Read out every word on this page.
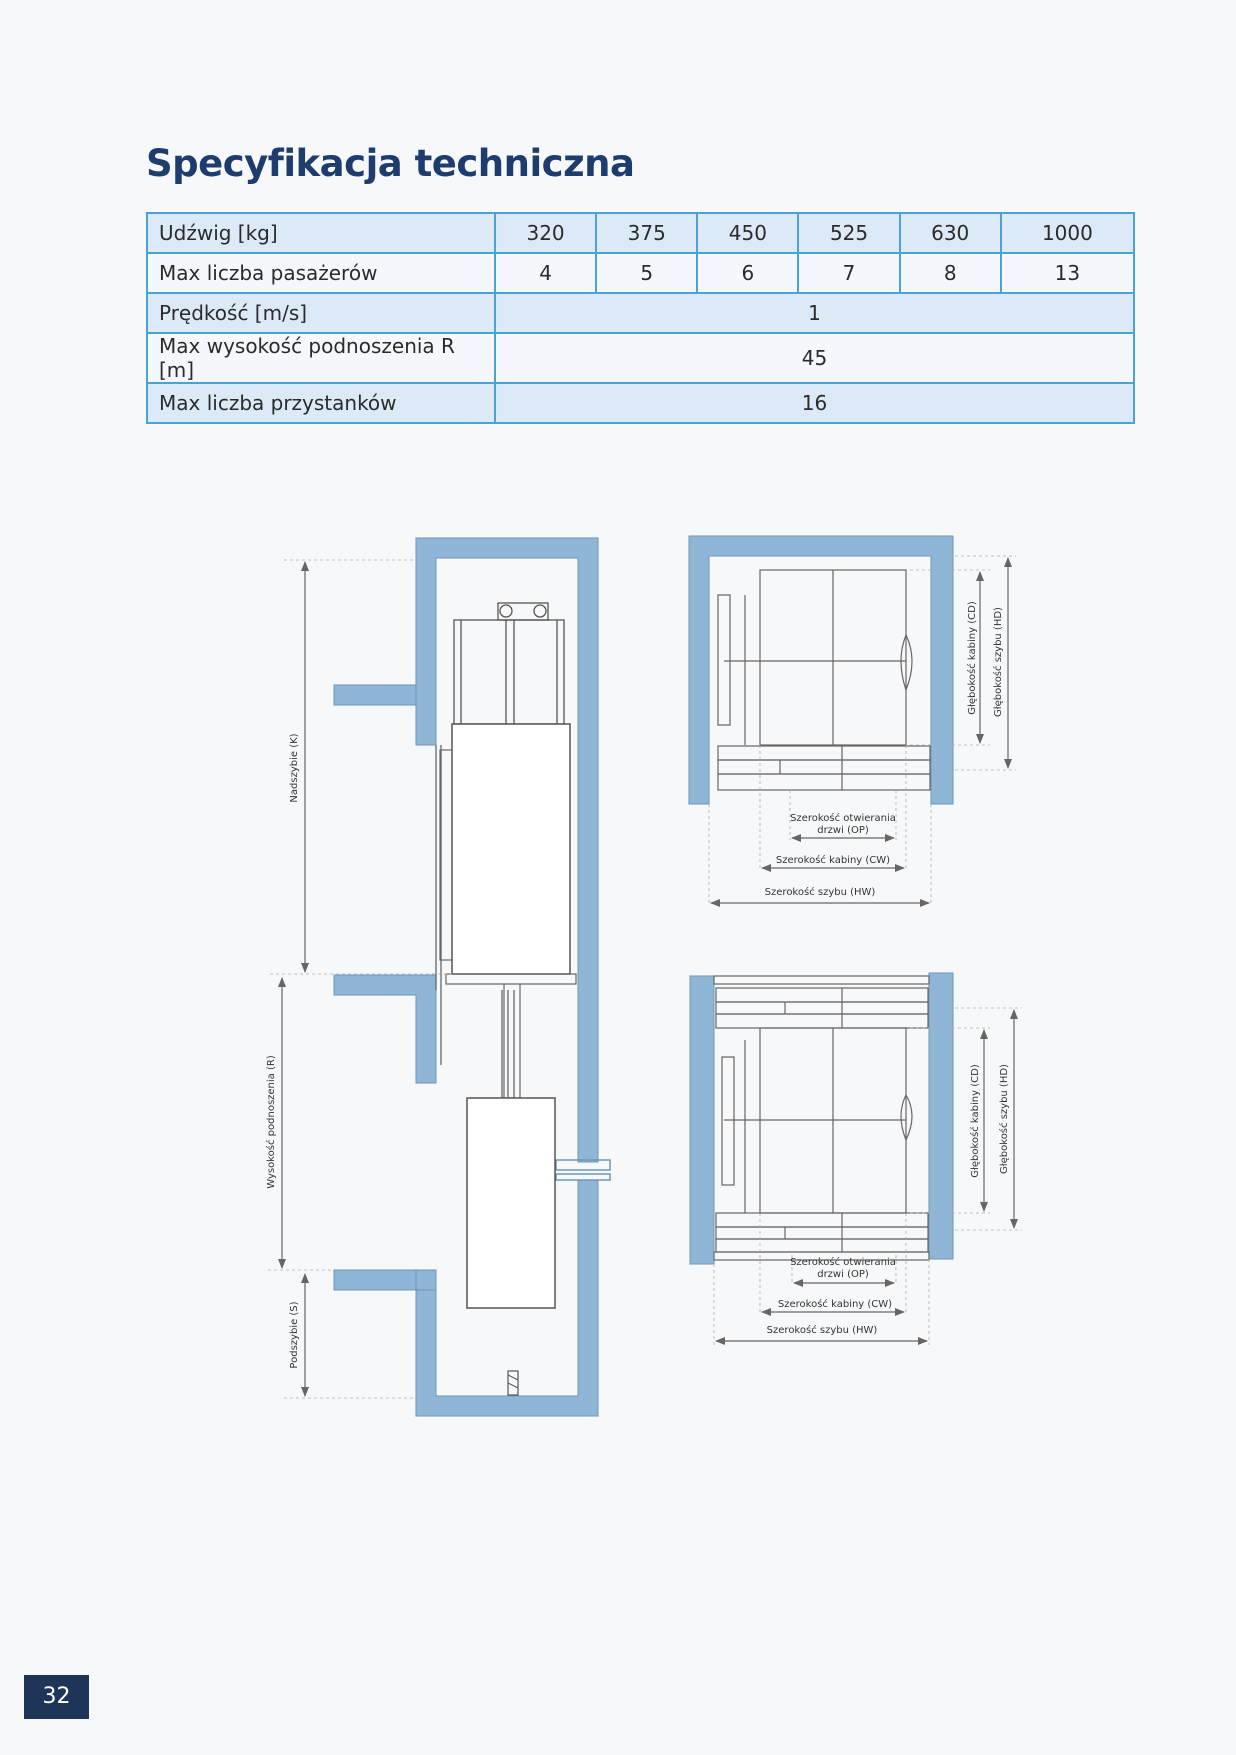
Specyfikacja techniczna
Udźwig [kg]	320	375	450	525	630	1000
Max liczba pasażerów	4	5	6	7	8	13
Prędkość [m/s]	1					
Max wysokość podnoszenia R [m]	45					
Max liczba przystanków	16					
Nadszybie (K)
Wysokość podnoszenia (R)
Podszybie (S)
Szerokość otwierania
drzwi (OP)
Szerokość kabiny (CW)
Szerokość szybu (HW)
Głębokość kabiny (CD) Głębokość szybu (HD)
Szerokość otwierania
drzwi (OP)
Szerokość kabiny (CW)
Szerokość szybu (HW)
Głębokość kabiny (CD) Głębokość szybu (HD)
32
